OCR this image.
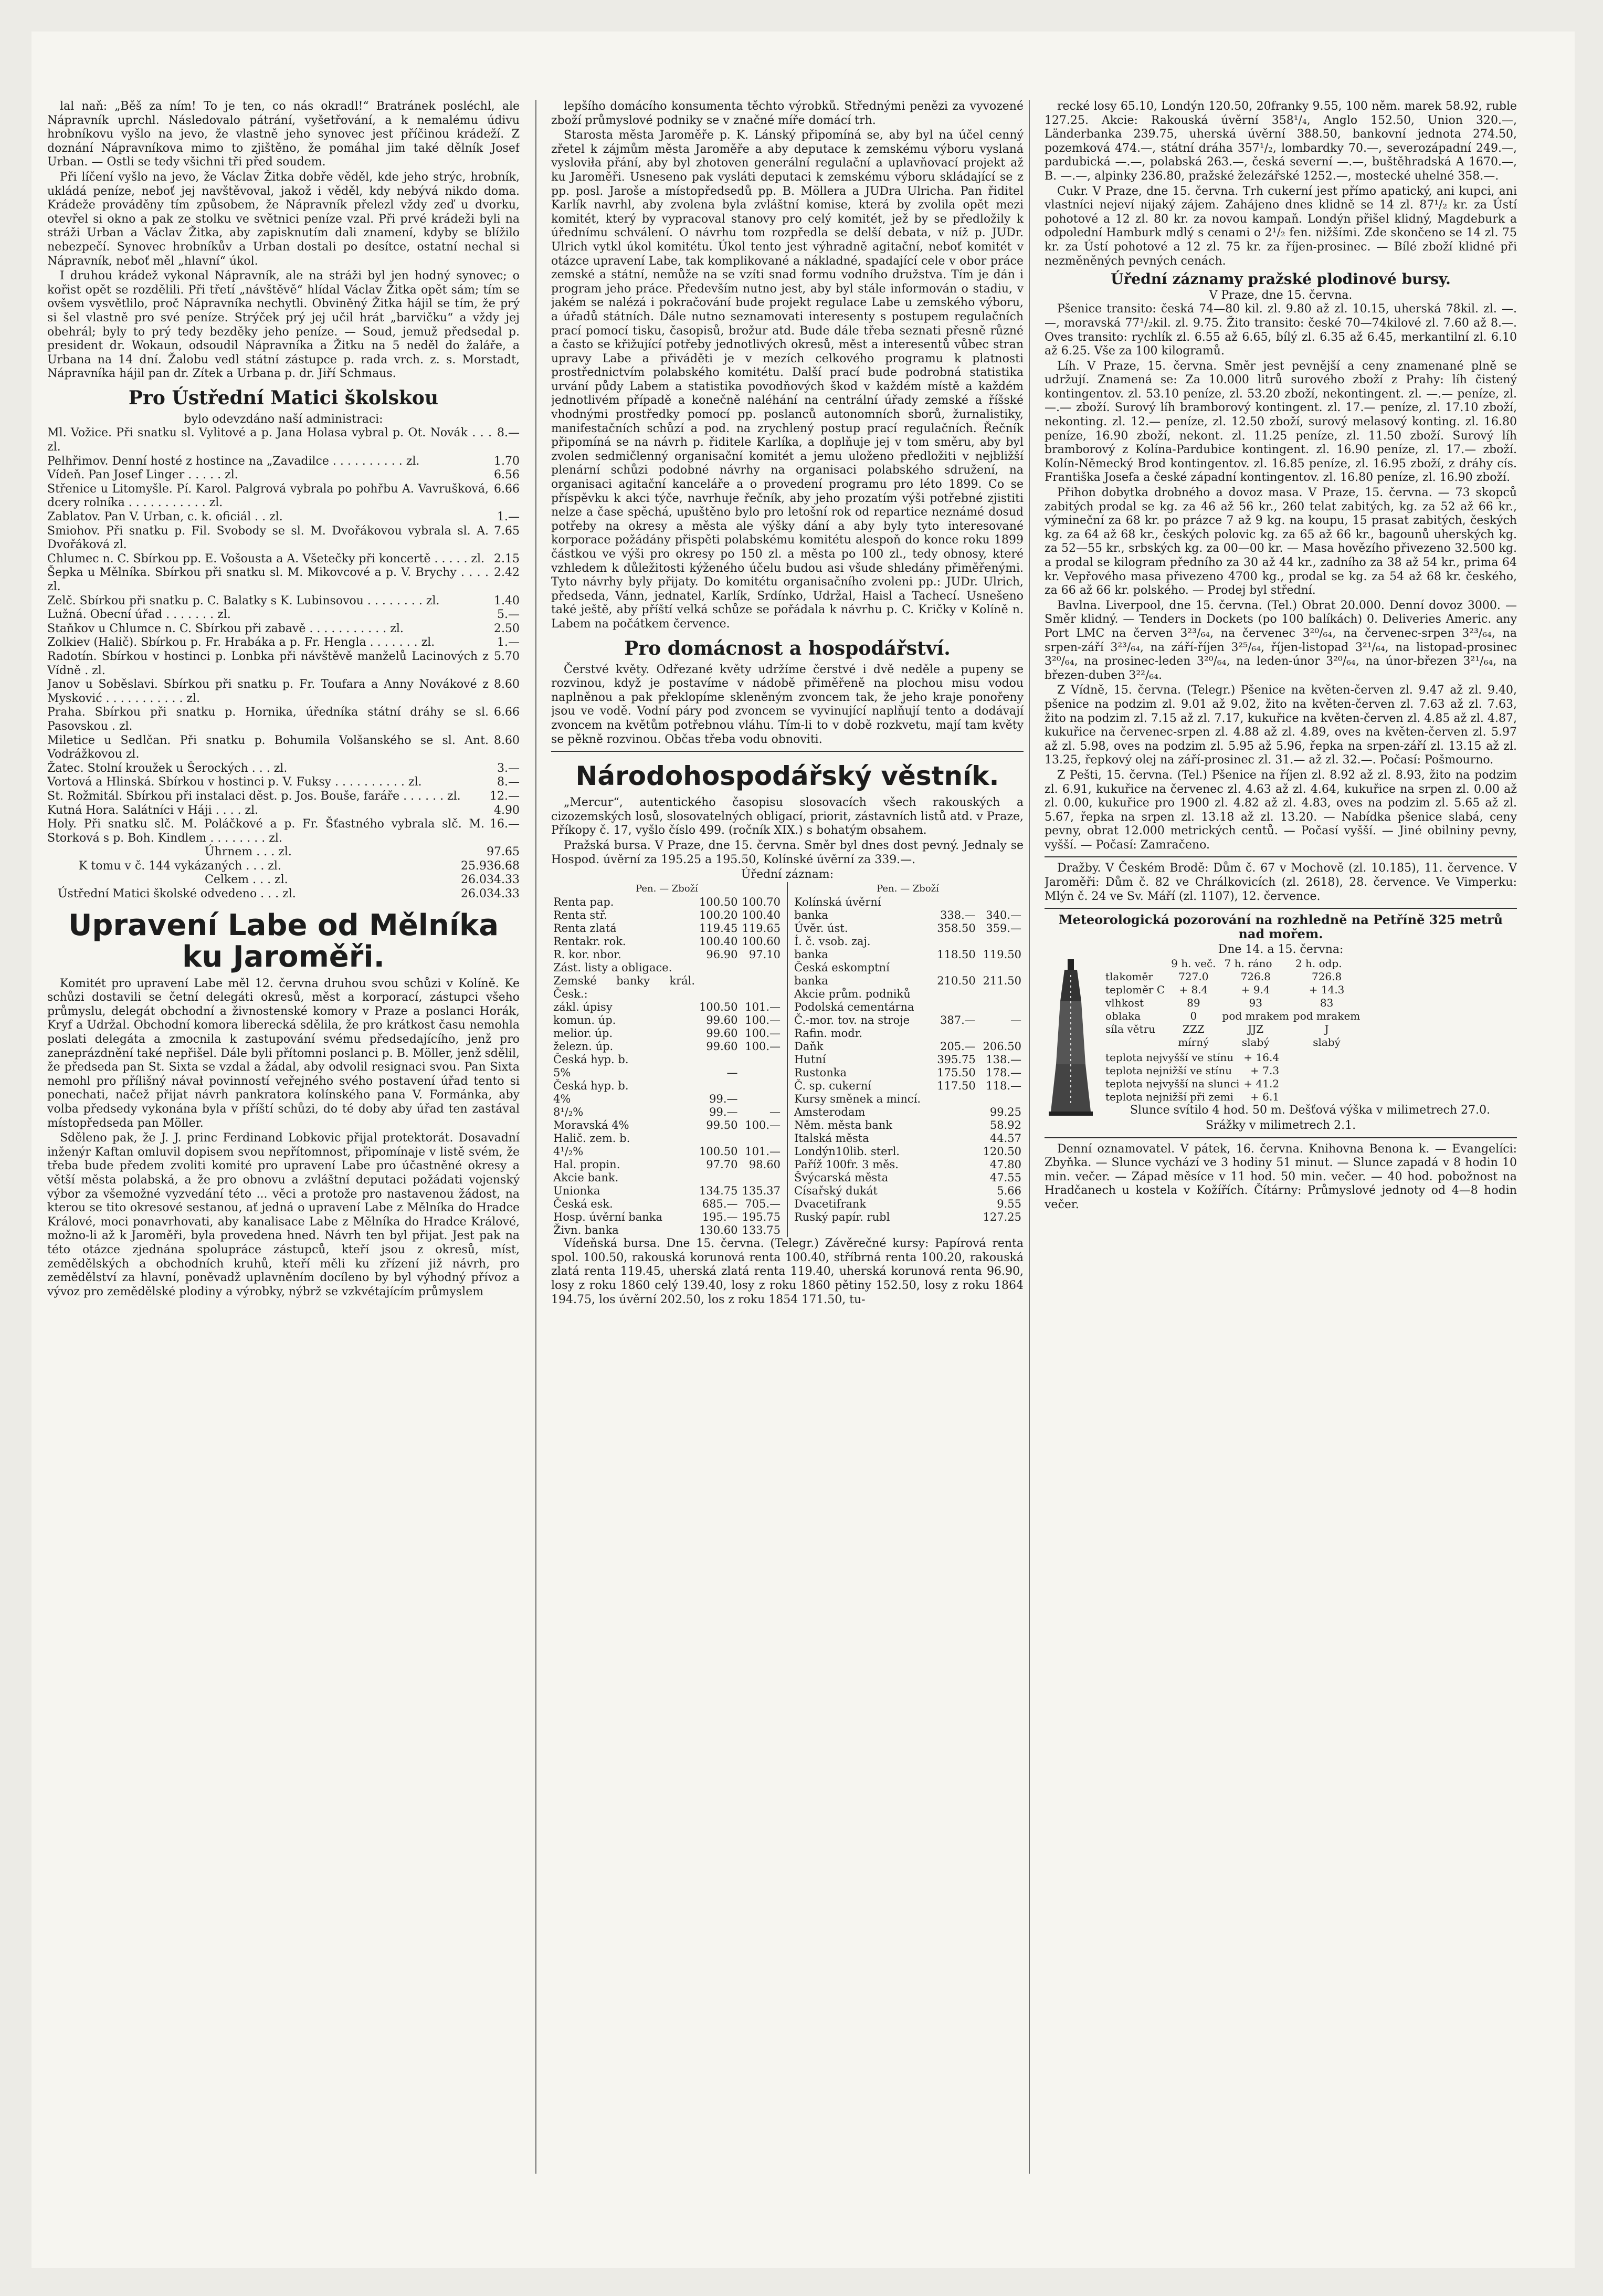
lal naň: „Běš za ním! To je ten, co nás okradl!“ Bratránek posléchl, ale Nápravník uprchl. Následovalo pátrání, vyšetřování, a k nemalému údivu hrobníkovu vyšlo na jevo, že vlastně jeho synovec jest příčinou krádeží. Z doznání Nápravníkova mimo to zjištěno, že pomáhal jim také dělník Josef Urban. — Ostli se tedy všichni tři před soudem.

Při líčení vyšlo na jevo, že Václav Žitka dobře věděl, kde jeho strýc, hrobník, ukládá peníze, neboť jej navštěvoval, jakož i věděl, kdy nebývá nikdo doma. Krádeže prováděny tím způsobem, že Nápravník přelezl vždy zeď u dvorku, otevřel si okno a pak ze stolku ve světnici peníze vzal. Při prvé krádeži byli na stráži Urban a Václav Žitka, aby zapisknutím dali znamení, kdyby se blížilo nebezpečí. Synovec hrobníkův a Urban dostali po desítce, ostatní nechal si Nápravník, neboť měl „hlavní“ úkol.

I druhou krádež vykonal Nápravník, ale na stráži byl jen hodný synovec; o kořist opět se rozdělili. Při třetí „návštěvě“ hlídal Václav Žitka opět sám; tím se ovšem vysvětlilo, proč Nápravníka nechytli. Obviněný Žitka hájil se tím, že prý si šel vlastně pro své peníze. Strýček prý jej učil hrát „barvičku“ a vždy jej obehrál; byly to prý tedy bezděky jeho peníze. — Soud, jemuž předsedal p. president dr. Wokaun, odsoudil Nápravníka a Žitku na 5 neděl do žaláře, a Urbana na 14 dní. Žalobu vedl státní zástupce p. rada vrch. z. s. Morstadt, Nápravníka hájil pan dr. Zítek a Urbana p. dr. Jiří Schmaus.

Pro Ústřední Matici školskou
bylo odevzdáno naší administraci:
Ml. Vožice. Při snatku sl. Vylitové a p. Jana Holasa vybral p. Ot. Novák . . . zl.
8.—
Pelhřimov. Denní hosté z hostince na „Zavadilce . . . . . . . . . . zl.	1.70
Vídeň. Pan Josef Linger . . . . . zl.	6.56
Střenice u Litomyšle. Pí. Karol. Palgrová vybrala po pohřbu A. Vavrušková, dcery rolníka . . . . . . . . . . . zl.
6.66
Zablatov. Pan V. Urban, c. k. oficiál . . zl.	1.—
Smiohov. Při snatku p. Fil. Svobody se sl. M. Dvořákovou vybrala sl. A. Dvořáková zl.
7.65
Chlumec n. C. Sbírkou pp. E. Vošousta a A. Všetečky při koncertě . . . . . zl. 2.15
Šepka u Mělníka. Sbírkou při snatku sl. M. Mikovcové a p. V. Brychy . . . . zl.
2.42
Zelč. Sbírkou při snatku p. C. Balatky s K. Lubinsovou . . . . . . . . zl.	1.40
Lužná. Obecní úřad . . . . . . . zl.	5.—
Staňkov u Chlumce n. C. Sbírkou při zabavě . . . . . . . . . . . zl.	2.50
Zolkiev (Halič). Sbírkou p. Fr. Hrabáka a p. Fr. Hengla . . . . . . . zl.	1.—
Radotín. Sbírkou v hostinci p. Lonbka při návštěvě manželů Lacinových z Vídně . zl.
5.70
Janov u Soběslavi. Sbírkou při snatku p. Fr. Toufara a Anny Novákové z Mysković . . . . . . . . . . . zl.
8.60
Praha. Sbírkou při snatku p. Hornika, úředníka státní dráhy se sl. Pasovskou . zl.
6.66
Miletice u Sedlčan. Při snatku p. Bohumila Volšanského se sl. Ant. Vodrážkovou zl.
8.60
Žatec. Stolní kroužek u Šerockých . . . zl.	3.—
Vortová a Hlinská. Sbírkou v hostinci p. V. Fuksy . . . . . . . . . . zl.	8.—
St. Rožmitál. Sbírkou při instalaci děst. p. Jos. Bouše, faráře . . . . . . zl.	12.—
Kutná Hora. Salátníci v Háji . . . . zl.	4.90
Holy. Při snatku slč. M. Poláčkové a p. Fr. Šťastného vybrala slč. M. Storková s p. Boh. Kindlem . . . . . . . . zl.
16.—
Úhrnem . . . zl.	97.65
K tomu v č. 144 vykázaných . . . zl.	25.936.68
Celkem . . . zl.	26.034.33
Ústřední Matici školské odvedeno . . . zl.	26.034.33
Upravení Labe od Mělníka ku Jaroměři.

Komitét pro upravení Labe měl 12. června druhou svou schůzi v Kolíně. Ke schůzi dostavili se četní delegáti okresů, měst a korporací, zástupci všeho průmyslu, delegát obchodní a živnostenské komory v Praze a poslanci Horák, Kryf a Udržal. Obchodní komora liberecká sdělila, že pro krátkost času nemohla poslati delegáta a zmocnila k zastupování svému předsedajícího, jenž pro zaneprázdnění také nepřišel. Dále byli přítomni poslanci p. B. Möller, jenž sdělil, že předseda pan St. Sixta se vzdal a žádal, aby odvolil resignaci svou. Pan Sixta nemohl pro přílišný návał povinností veřejného svého postavení úřad tento si ponechati, načež přijat návrh pankratora kolínského pana V. Formánka, aby volba předsedy vykonána byla v příští schůzi, do té doby aby úřad ten zastával místopředseda pan Möller.

Sděleno pak, že J. J. princ Ferdinand Lobkovic přijal protektorát. Dosavadní inženýr Kaftan omluvil dopisem svou nepřítomnost, připomínaje v listě svém, že třeba bude předem zvoliti komité pro upravení Labe pro účastněné okresy a větší města polabská, a že pro obnovu a zvláštní deputaci požádati vojenský výbor za všemožné vyzvedání této ... věci a protože pro nastavenou žádost, na kterou se tito okresové sestanou, ať jedná o upravení Labe z Mělníka do Hradce Králové, moci ponavrhovati, aby kanalisace Labe z Mělníka do Hradce Králové, možno-li až k Jaroměři, byla provedena hned. Návrh ten byl přijat. Jest pak na této otázce zjednána spolupráce zástupců, kteří jsou z okresů, míst, zemědělských a obchodních kruhů, kteří měli ku zřízení již návrh, pro zemědělství za hlavní, poněvadž uplavněním docíleno by byl výhodný přívoz a vývoz pro zemědělské plodiny a výrobky, nýbrž se vzkvétajícím průmyslem

lepšího domácího konsumenta těchto výrobků. Střednými penězi za vyvozené zboží průmyslové podniky se v značné míře domácí trh.

Starosta města Jaroměře p. K. Lánský připomíná se, aby byl na účel cenný zřetel k zájmům města Jaroměře a aby deputace k zemskému výboru vyslaná vysloviła přání, aby byl zhotoven generální regulační a uplavňovací projekt až ku Jaroměři. Usneseno pak vysláti deputaci k zemskému výboru skládající se z pp. posl. Jaroše a místopředsedů pp. B. Möllera a JUDra Ulricha. Pan řiditel Karlík navrhl, aby zvolena byla zvláštní komise, která by zvolila opět mezi komitét, který by vypracoval stanovy pro celý komitét, jež by se předložily k úřednímu schválení. O návrhu tom rozpředla se delší debata, v níž p. JUDr. Ulrich vytkl úkol komitétu. Úkol tento jest výhradně agitační, neboť komitét v otázce upravení Labe, tak komplikované a nákladné, spadající cele v obor práce zemské a státní, nemůže na se vzíti snad formu vodního družstva. Tím je dán i program jeho práce. Především nutno jest, aby byl stále informován o stadiu, v jakém se nalézá i pokračování bude projekt regulace Labe u zemského výboru, a úřadů státních. Dále nutno seznamovati interesenty s postupem regulačních prací pomocí tisku, časopisů, brožur atd. Bude dále třeba seznati přesně různé a často se křižující potřeby jednotlivých okresů, měst a interesentů vůbec stran upravy Labe a přiváděti je v mezích celkového programu k platnosti prostřednictvím polabského komitétu. Další prací bude podrobná statistika urvání půdy Labem a statistika povodňových škod v každém místě a každém jednotlivém případě a konečně naléhání na centrální úřady zemské a říšské vhodnými prostředky pomocí pp. poslanců autonomních sborů, žurnalistiky, manifestačních schůzí a pod. na zrychlený postup prací regulačních. Řečník připomíná se na návrh p. řiditele Karlíka, a doplňuje jej v tom směru, aby byl zvolen sedmičlenný organisační komitét a jemu uloženo předložiti v nejbližší plenární schůzi podobné návrhy na organisaci polabského sdružení, na organisaci agitační kanceláře a o provedení programu pro léto 1899. Co se příspěvku k akci týče, navrhuje řečník, aby jeho prozatím výši potřebné zjistiti nelze a čase spěchá, upuštěno bylo pro letošní rok od repartice neznámé dosud potřeby na okresy a města ale výšky dání a aby byly tyto interesované korporace požádány přispěti polabskému komitétu alespoň do konce roku 1899 částkou ve výši pro okresy po 150 zl. a města po 100 zl., tedy obnosy, které vzhledem k důležitosti kýženého účelu budou asi všude shledány přiměřenými. Tyto návrhy byly přijaty. Do komitétu organisačního zvoleni pp.: JUDr. Ulrich, předseda, Vánn, jednatel, Karlík, Srdínko, Udržal, Haisl a Tachecí. Usnešeno také ještě, aby příští velká schůze se pořádala k návrhu p. C. Kričky v Kolíně n. Labem na počátkem července.

Pro domácnost a hospodářství.

Čerstvé květy. Odřezané květy udržíme čerstvé i dvě neděle a pupeny se rozvinou, když je postavíme v nádobě přiměřeně na plochou misu vodou naplněnou a pak překlopíme skleněným zvoncem tak, že jeho kraje ponořeny jsou ve vodě. Vodní páry pod zvoncem se vyvinující naplňují tento a dodávají zvoncem na květům potřebnou vláhu. Tím-li to v době rozkvetu, mají tam květy se pěkně rozvinou. Občas třeba vodu obnoviti.

Národohospodářský věstník.

„Mercur“, autentického časopisu slosovacích všech rakouských a cizozemských losů, slosovatelných obligací, priorit, zástavních listů atd. v Praze, Příkopy č. 17, vyšlo číslo 499. (ročník XIX.) s bohatým obsahem.

Pražská bursa. V Praze, dne 15. června. Směr byl dnes dost pevný. Jednaly se Hospod. úvěrní za 195.25 a 195.50, Kolínské úvěrní za 339.—.

Úřední záznam:
Pen. — Zboží
Renta pap.	100.50	100.70
Renta stř.	100.20	100.40
Renta zlatá	119.45	119.65
Rentakr. rok.	100.40	100.60
R. kor. nbor.	96.90	97.10
Zást. listy a obligace.		
Zemské banky král. Česk.:		
zákl. úpisy	100.50	101.—
komun. úp.	99.60	100.—
melior. úp.	99.60	100.—
železn. úp.	99.60	100.—
Česká hyp. b.		
5%	—	
Česká hyp. b.		
4%	99.—	
8¹/₂%	99.—	—
Moravská 4%	99.50	100.—
Halič. zem. b.		
4¹/₂%	100.50	101.—
Hal. propin.	97.70	98.60
Akcie bank.		
Unionka	134.75	135.37
Česká esk.	685.—	705.—
Hosp. úvěrní banka	195.—	195.75
Živn. banka	130.60	133.75
Pen. — Zboží
Kolínská úvěrní		
banka	338.—	340.—
Úvěr. úst.	358.50	359.—
Í. č. vsob. zaj.		
banka	118.50	119.50
Česká eskomptní		
banka	210.50	211.50
Akcie prům. podniků		
Podolská cementárna		
Č.-mor. tov. na stroje	387.—	—
Rafin. modr.		
Daňk	205.—	206.50
Hutní	395.75	138.—
Rustonka	175.50	178.—
Č. sp. cukerní	117.50	118.—
Kursy směnek a mincí.		
Amsterodam		99.25
Něm. města bank		58.92
Italská města		44.57
Londýn10lib. sterl.		120.50
Paříž 100fr. 3 měs.		47.80
Švýcarská města		47.55
Císařský dukát		5.66
Dvacetifrank		9.55
Ruský papír. rubl		127.25

Vídeňská bursa. Dne 15. června. (Telegr.) Závěrečné kursy: Papírová renta spol. 100.50, rakouská korunová renta 100.40, stříbrná renta 100.20, rakouská zlatá renta 119.45, uherská zlatá renta 119.40, uherská korunová renta 96.90, losy z roku 1860 celý 139.40, losy z roku 1860 pětiny 152.50, losy z roku 1864 194.75, los úvěrní 202.50, los z roku 1854 171.50, tu-

recké losy 65.10, Londýn 120.50, 20franky 9.55, 100 něm. marek 58.92, ruble 127.25. Akcie: Rakouská úvěrní 358¹/₄, Anglo 152.50, Union 320.—, Länderbanka 239.75, uherská úvěrní 388.50, bankovní jednota 274.50, pozemková 474.—, státní dráha 357¹/₂, lombardky 70.—, severozápadní 249.—, pardubická —.—, polabská 263.—, česká severní —.—, buštěhradská A 1670.—, B. —.—, alpinky 236.80, pražské železářské 1252.—, mostecké uhelné 358.—.

Cukr. V Praze, dne 15. června. Trh cukerní jest přímo apatický, ani kupci, ani vlastníci nejeví nijaký zájem. Zahájeno dnes klidně se 14 zl. 87¹/₂ kr. za Ústí pohotové a 12 zl. 80 kr. za novou kampaň. Londýn přišel klidný, Magdeburk a odpolední Hamburk mdlý s cenami o 2¹/₂ fen. nižšími. Zde skončeno se 14 zl. 75 kr. za Ústí pohotové a 12 zl. 75 kr. za říjen-prosinec. — Bílé zboží klidné při nezměněných pevných cenách.

Úřední záznamy pražské plodinové bursy.
V Praze, dne 15. června.

Pšenice transito: česká 74—80 kil. zl. 9.80 až zl. 10.15, uherská 78kil. zl. —.—, moravská 77¹/₂kil. zl. 9.75. Žito transito: české 70—74kilové zl. 7.60 až 8.—. Oves transito: rychlík zl. 6.55 až 6.65, bílý zl. 6.35 až 6.45, merkantilní zl. 6.10 až 6.25. Vše za 100 kilogramů.

Líh. V Praze, 15. června. Směr jest pevnější a ceny znamenané plně se udržují. Znamená se: Za 10.000 litrů surového zboží z Prahy: líh čistený kontingentov. zl. 53.10 peníze, zl. 53.20 zboží, nekontingent. zl. —.— peníze, zl. —.— zboží. Surový líh bramborový kontingent. zl. 17.— peníze, zl. 17.10 zboží, nekonting. zl. 12.— peníze, zl. 12.50 zboží, surový melasový konting. zl. 16.80 peníze, 16.90 zboží, nekont. zl. 11.25 peníze, zl. 11.50 zboží. Surový líh bramborový z Kolína-Pardubice kontingent. zl. 16.90 peníze, zl. 17.— zboží. Kolín-Německý Brod kontingentov. zl. 16.85 peníze, zl. 16.95 zboží, z dráhy cís. Františka Josefa a české západní kontingentov. zl. 16.80 peníze, zl. 16.90 zboží.

Přihon dobytka drobného a dovoz masa. V Praze, 15. června. — 73 skopců zabitých prodal se kg. za 46 až 56 kr., 260 telat zabitých, kg. za 52 až 66 kr., výmineční za 68 kr. po prázce 7 až 9 kg. na koupu, 15 prasat zabitých, českých kg. za 64 až 68 kr., českých polovic kg. za 65 až 66 kr., bagounů uherských kg. za 52—55 kr., srbských kg. za 00—00 kr. — Masa hovězího přivezeno 32.500 kg. a prodal se kilogram předního za 30 až 44 kr., zadního za 38 až 54 kr., prima 64 kr. Vepřového masa přivezeno 4700 kg., prodal se kg. za 54 až 68 kr. českého, za 66 až 66 kr. polského. — Prodej byl střední.

Bavlna. Liverpool, dne 15. června. (Tel.) Obrat 20.000. Denní dovoz 3000. — Směr klidný. — Tenders in Dockets (po 100 balíkách) 0. Deliveries Americ. any Port LMC na červen 3²³/₆₄, na červenec 3²⁰/₆₄, na červenec-srpen 3²³/₆₄, na srpen-září 3²³/₆₄, na září-říjen 3²⁵/₆₄, říjen-listopad 3²¹/₆₄, na listopad-prosinec 3²⁰/₆₄, na prosinec-leden 3²⁰/₆₄, na leden-únor 3²⁰/₆₄, na únor-březen 3²¹/₆₄, na březen-duben 3²²/₆₄.

Z Vídně, 15. června. (Telegr.) Pšenice na květen-červen zl. 9.47 až zl. 9.40, pšenice na podzim zl. 9.01 až 9.02, žito na květen-červen zl. 7.63 až zl. 7.63, žito na podzim zl. 7.15 až zl. 7.17, kukuřice na květen-červen zl. 4.85 až zl. 4.87, kukuřice na červenec-srpen zl. 4.88 až zl. 4.89, oves na květen-červen zl. 5.97 až zl. 5.98, oves na podzim zl. 5.95 až 5.96, řepka na srpen-září zl. 13.15 až zl. 13.25, řepkový olej na září-prosinec zl. 31.— až zl. 32.—. Počasí: Pošmourno.

Z Pešti, 15. června. (Tel.) Pšenice na říjen zl. 8.92 až zl. 8.93, žito na podzim zl. 6.91, kukuřice na červenec zl. 4.63 až zl. 4.64, kukuřice na srpen zl. 0.00 až zl. 0.00, kukuřice pro 1900 zl. 4.82 až zl. 4.83, oves na podzim zl. 5.65 až zl. 5.67, řepka na srpen zl. 13.18 až zl. 13.20. — Nabídka pšenice slabá, ceny pevny, obrat 12.000 metrických centů. — Počasí vyšší. — Jiné obilniny pevny, vyšší. — Počasí: Zamračeno.

Dražby. V Českém Brodě: Dům č. 67 v Mochově (zl. 10.185), 11. července. V Jaroměři: Dům č. 82 ve Chrálkovicích (zl. 2618), 28. července. Ve Vimperku: Mlýn č. 24 ve Sv. Máří (zl. 1107), 12. července.

Meteorologická pozorování na rozhledně na Petříně 325 metrů nad mořem.
Dne 14. a 15. června:
	9 h. več.	7 h. ráno	2 h. odp.
tlakoměr	727.0	726.8	726.8
teploměr C	+ 8.4	+ 9.4	+ 14.3
vlhkost	89	93	83
oblaka	0	pod mrakem	pod mrakem
síla větru	ZZZ	JJZ	J
	mírný	slabý	slabý
teplota nejvyšší ve stínu	+ 16.4
teplota nejnižší ve stínu	+ 7.3
teplota nejvyšší na slunci	+ 41.2
teplota nejnižší při zemi	+ 6.1
Slunce svítilo 4 hod. 50 m. Dešťová výška v milimetrech 27.0.
Srážky v milimetrech 2.1.

Denní oznamovatel. V pátek, 16. června. Knihovna Benona k. — Evangelíci: Zbyňka. — Slunce vychází ve 3 hodiny 51 minut. — Slunce zapadá v 8 hodin 10 min. večer. — Západ měsíce v 11 hod. 50 min. večer. — 40 hod. pobožnost na Hradčanech u kostela v Kožířích. Čítárny: Průmyslové jednoty od 4—8 hodin večer.
